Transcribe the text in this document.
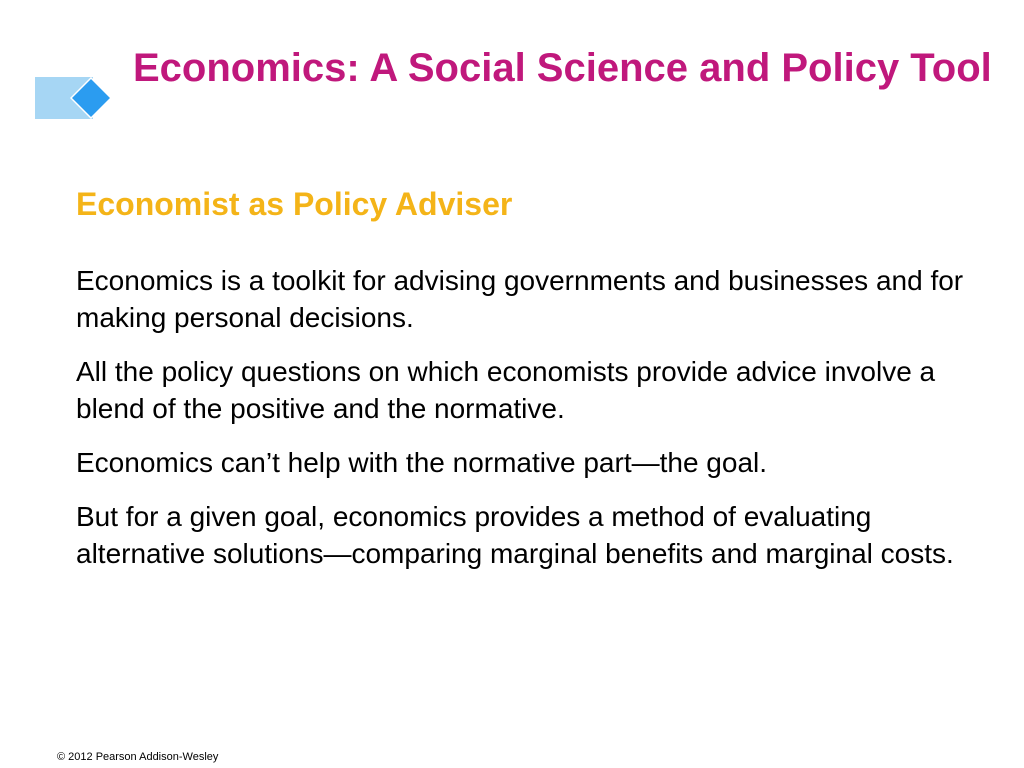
Economics: A Social Science and Policy Tool
Economist as Policy Adviser

Economics is a toolkit for advising governments and businesses and for making personal decisions.

All the policy questions on which economists provide advice involve a blend of the positive and the normative.

Economics can’t help with the normative part—the goal.

But for a given goal, economics provides a method of evaluating alternative solutions—comparing marginal benefits and marginal costs.

© 2012 Pearson Addison-Wesley
